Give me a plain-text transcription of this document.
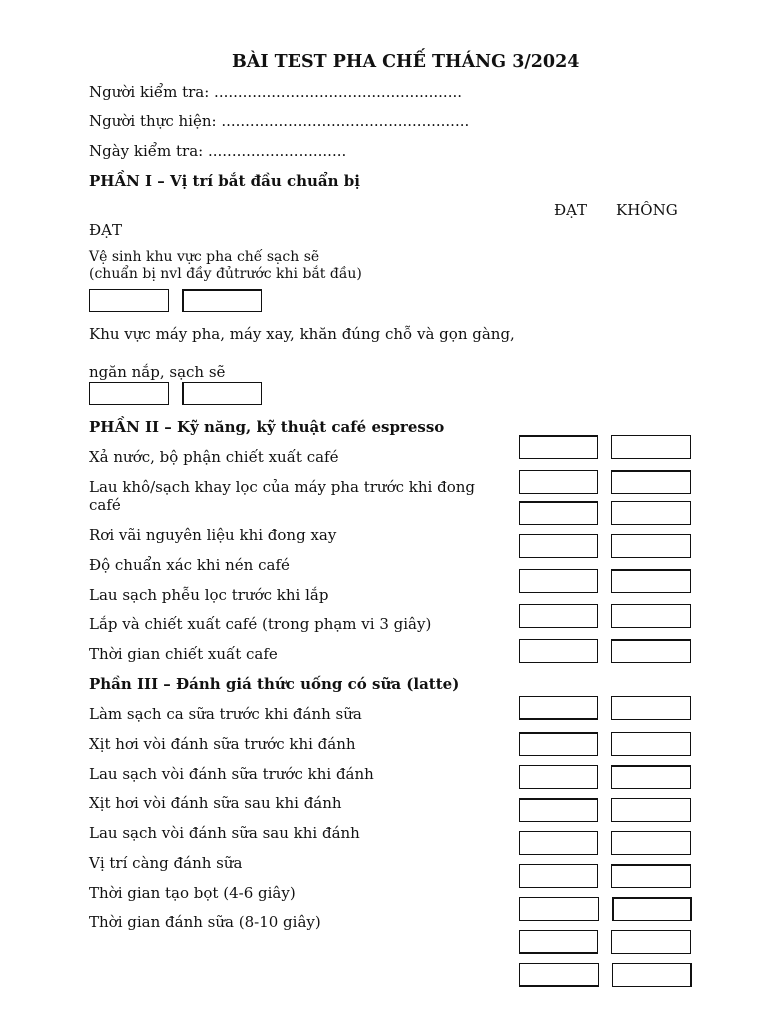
BÀI TEST PHA CHẾ THÁNG 3/2024
Người kiểm tra: ....................................................
Người thực hiện: ....................................................
Ngày kiểm tra: .............................
PHẦN I – Vị trí bắt đầu chuẩn bị
ĐẠT KHÔNG
ĐẠT
Vệ sinh khu vực pha chế sạch sẽ
(chuẩn bị nvl đầy đủtrước khi bắt đầu)
Khu vực máy pha, máy xay, khăn đúng chỗ và gọn gàng,
ngăn nắp, sạch sẽ
PHẦN II – Kỹ năng, kỹ thuật café espresso
Xả nước, bộ phận chiết xuất café
Lau khô/sạch khay lọc của máy pha trước khi đong
café
Rơi vãi nguyên liệu khi đong xay
Độ chuẩn xác khi nén café
Lau sạch phễu lọc trước khi lắp
Lắp và chiết xuất café (trong phạm vi 3 giây)
Thời gian chiết xuất cafe
Phần III – Đánh giá thức uống có sữa (latte)
Làm sạch ca sữa trước khi đánh sữa
Xịt hơi vòi đánh sữa trước khi đánh
Lau sạch vòi đánh sữa trước khi đánh
Xịt hơi vòi đánh sữa sau khi đánh
Lau sạch vòi đánh sữa sau khi đánh
Vị trí càng đánh sữa
Thời gian tạo bọt (4-6 giây)
Thời gian đánh sữa (8-10 giây)
